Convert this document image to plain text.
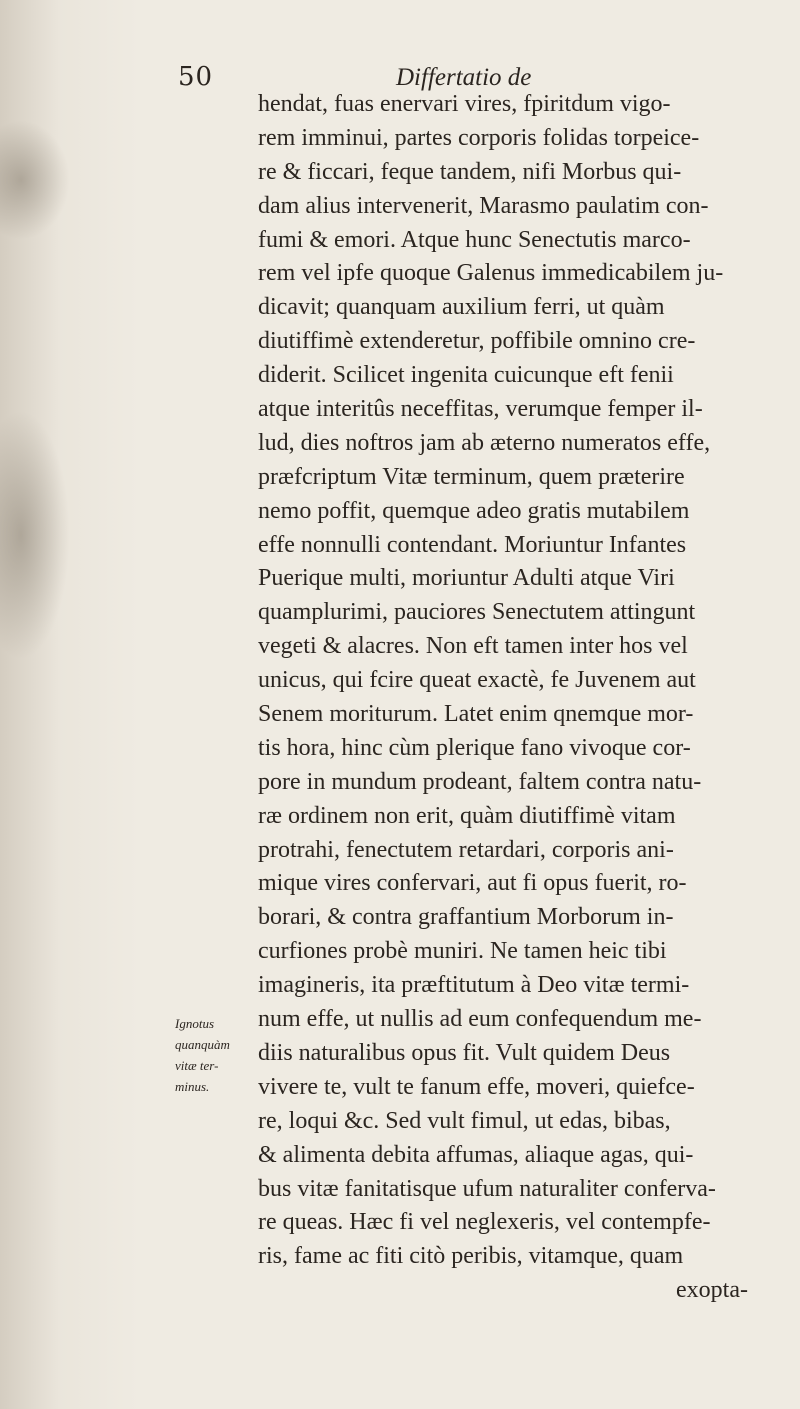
50	Differtatio de
hendat, fuas enervari vires, fpiritdum vigo-
rem imminui, partes corporis folidas torpeice-
re & ficcari, feque tandem, nifi Morbus qui-
dam alius intervenerit, Marasmo paulatim con-
fumi & emori. Atque hunc Senectutis marco-
rem vel ipfe quoque Galenus immedicabilem ju-
dicavit; quanquam auxilium ferri, ut quàm
diutiffimè extenderetur, poffibile omnino cre-
diderit. Scilicet ingenita cuicunque eft fenii
atque interitûs neceffitas, verumque femper il-
lud, dies noftros jam ab æterno numeratos effe,
præfcriptum Vitæ terminum, quem præterire
nemo poffit, quemque adeo gratis mutabilem
effe nonnulli contendant. Moriuntur Infantes
Puerique multi, moriuntur Adulti atque Viri
quamplurimi, pauciores Senectutem attingunt
vegeti & alacres. Non eft tamen inter hos vel
unicus, qui fcire queat exactè, fe Juvenem aut
Senem moriturum. Latet enim qnemque mor-
tis hora, hinc cùm plerique fano vivoque cor-
pore in mundum prodeant, faltem contra natu-
ræ ordinem non erit, quàm diutiffimè vitam
protrahi, fenectutem retardari, corporis ani-
mique vires confervari, aut fi opus fuerit, ro-
borari, & contra graffantium Morborum in-
curfiones probè muniri. Ne tamen heic tibi
imagineris, ita præftitutum à Deo vitæ termi-
num effe, ut nullis ad eum confequendum me-
diis naturalibus opus fit. Vult quidem Deus
vivere te, vult te fanum effe, moveri, quiefce-
re, loqui &c. Sed vult fimul, ut edas, bibas,
& alimenta debita affumas, aliaque agas, qui-
bus vitæ fanitatisque ufum naturaliter conferva-
re queas. Hæc fi vel neglexeris, vel contempfe-
ris, fame ac fiti citò peribis, vitamque, quam
exopta-
Ignotus
quanquàm
vitæ ter-
minus.
